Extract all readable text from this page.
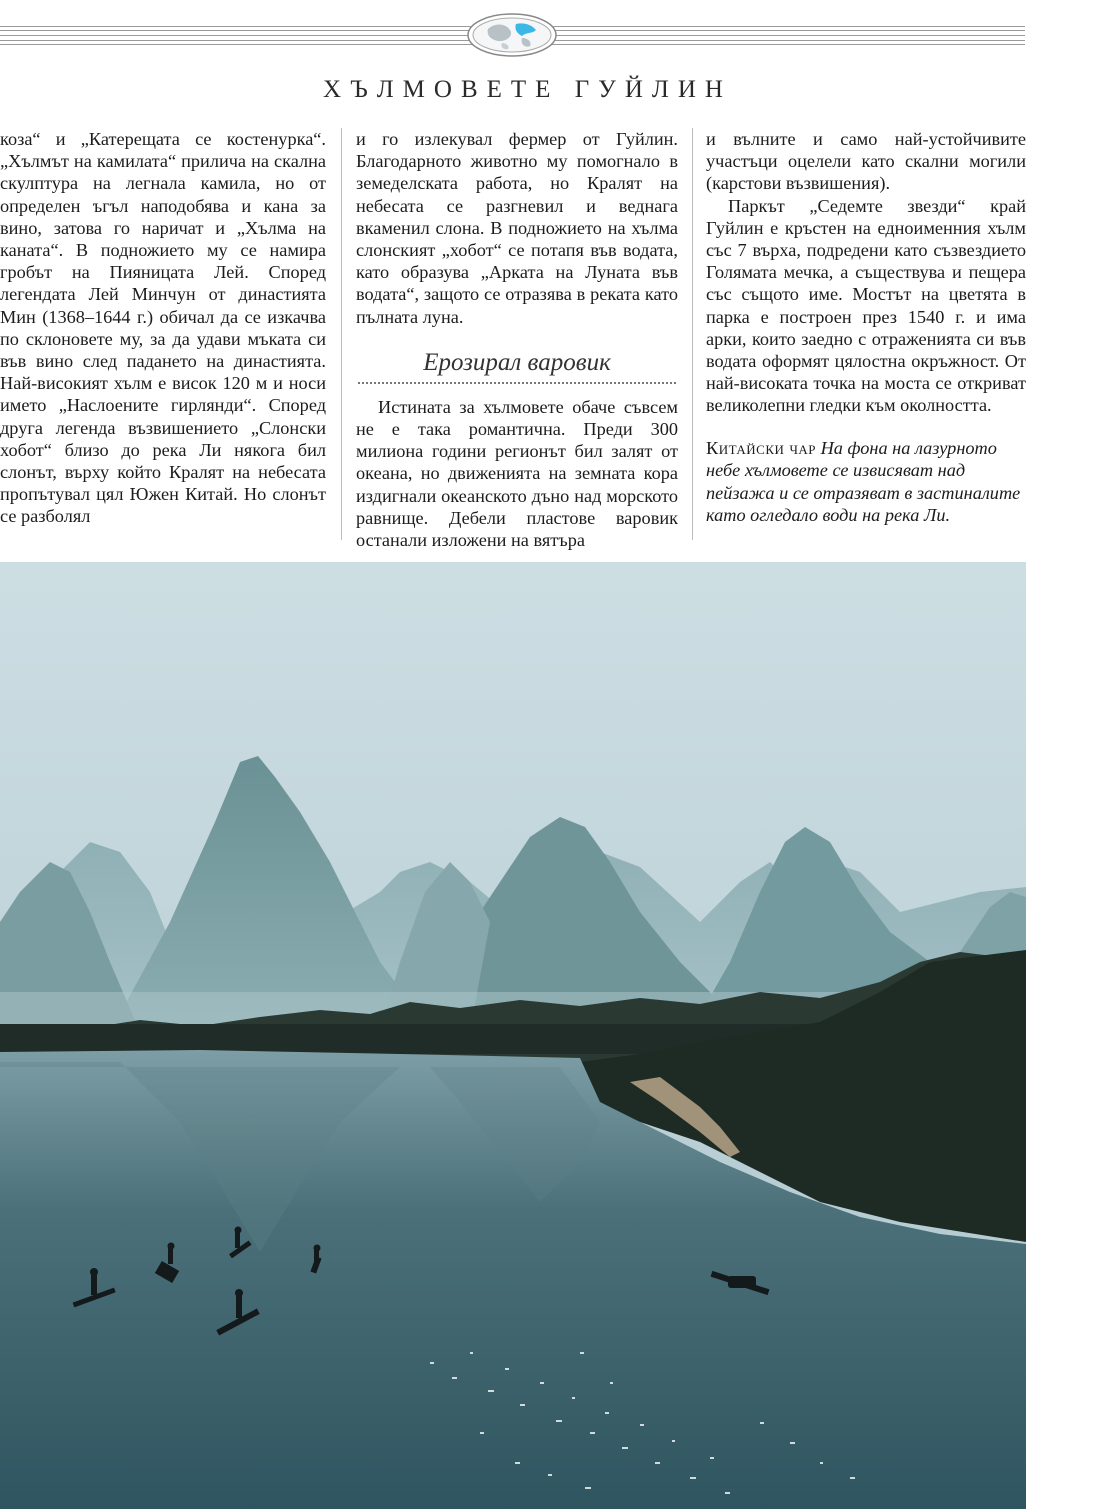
ХЪЛМОВЕТЕ ГУЙЛИН

коза“ и „Катерещата се костенурка“. „Хълмът на камилата“ прилича на скална скулптура на легнала камила, но от определен ъгъл наподобява и кана за вино, затова го наричат и „Хълма на каната“. В подножието му се намира гробът на Пияницата Лей. Според легендата Лей Минчун от династията Мин (1368–1644 г.) обичал да се изкачва по склоновете му, за да удави мъката си във вино след падането на династията. Най-високият хълм е висок 120 м и носи името „Наслоените гирлянди“. Според друга легенда възвишението „Слонски хобот“ близо до река Ли някога бил слонът, върху който Кралят на небесата пропътувал цял Южен Китай. Но слонът се разболял

и го излекувал фермер от Гуйлин. Благодарното животно му помогнало в земеделската работа, но Кралят на небесата се разгневил и веднага вкаменил слона. В подножието на хълма слонският „хобот“ се потапя във водата, като образува „Арката на Луната във водата“, защото се отразява в реката като пълната луна.

Ерозирал варовик

Истината за хълмовете обаче съвсем не е така романтична. Преди 300 милиона години регионът бил залят от океана, но движенията на земната кора издигнали океанското дъно над морското равнище. Дебели пластове варовик останали изложени на вятъра

и вълните и само най-устойчивите участъци оцелели като скални могили (карстови възвишения).

Паркът „Седемте звезди“ край Гуйлин е кръстен на едноименния хълм със 7 върха, подредени като съзвездието Голямата мечка, а съществува и пещера със същото име. Мостът на цветята в парка е построен през 1540 г. и има арки, които заедно с отраженията си във водата оформят цялостна окръжност. От най-високата точка на моста се откриват великолепни гледки към околността.

Китайски чар На фона на лазурното небе хълмовете се извисяват над пейзажа и се отразяват в застиналите като огледало води на река Ли.
